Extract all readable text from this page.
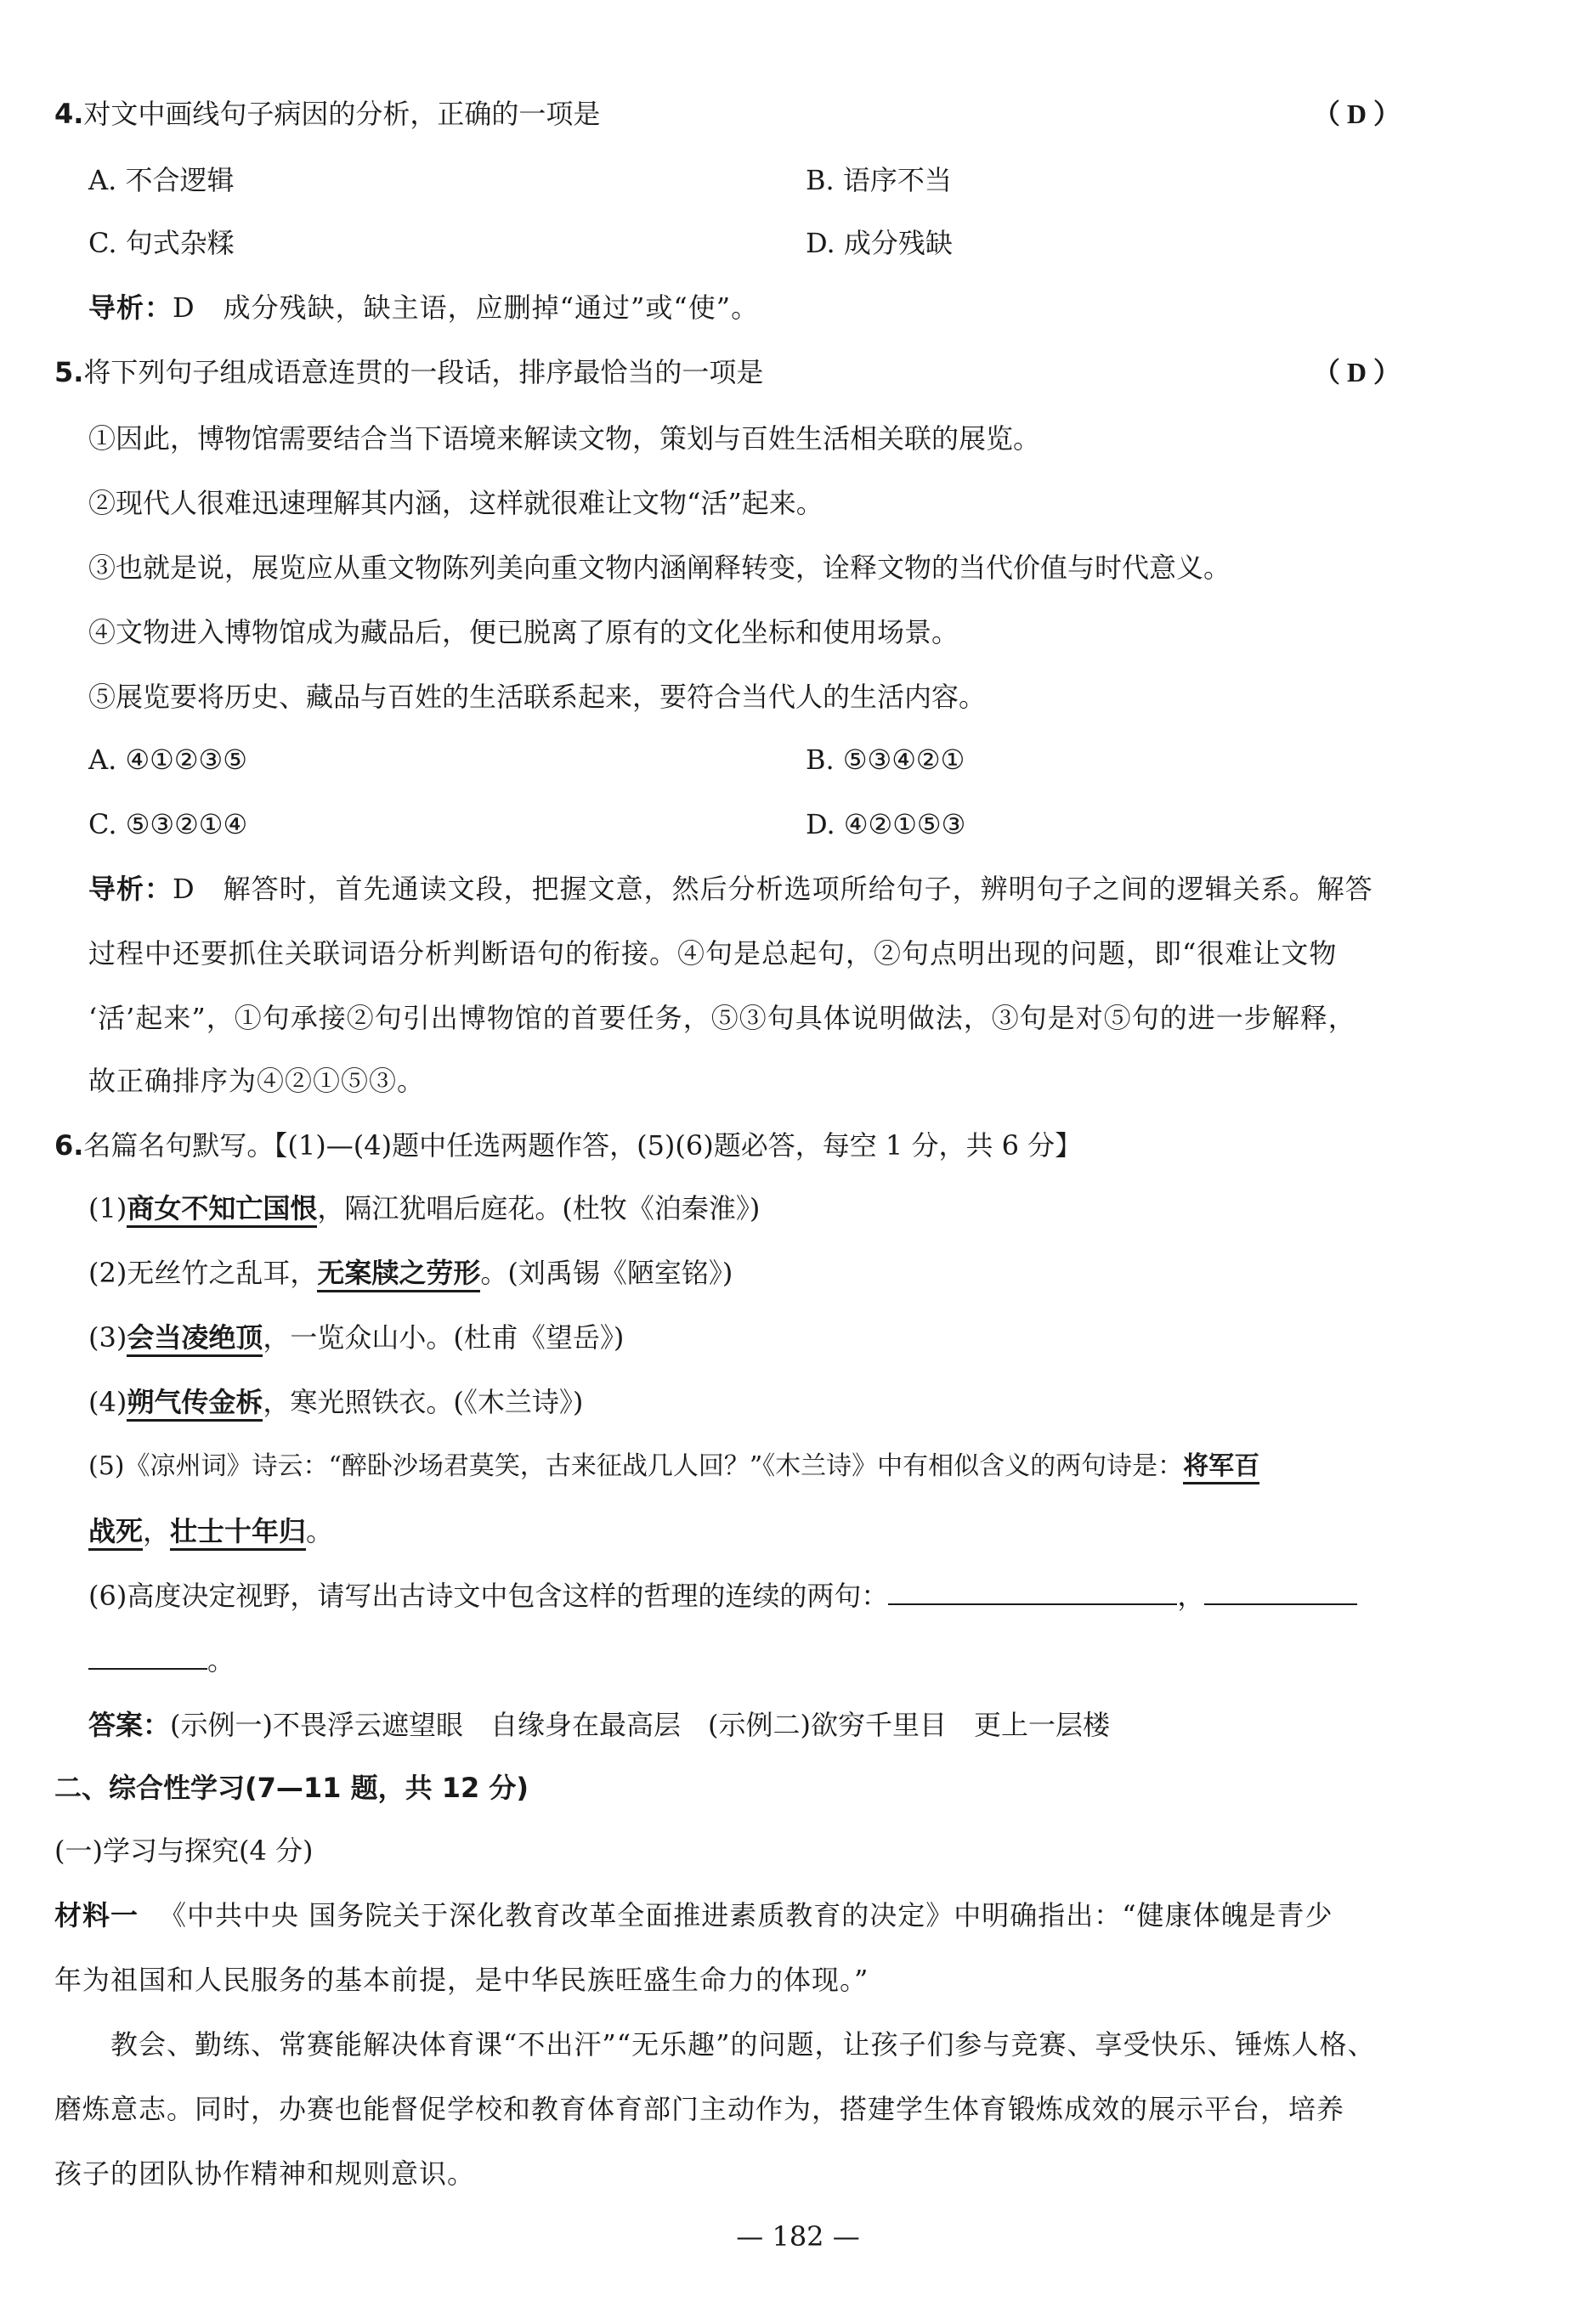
4.对文中画线句子病因的分析，正确的一项是	（ D ）
A. 不合逻辑	B. 语序不当
C. 句式杂糅	D. 成分残缺
导析：D　成分残缺，缺主语，应删掉“通过”或“使”。
5.将下列句子组成语意连贯的一段话，排序最恰当的一项是	（ D ）
①因此，博物馆需要结合当下语境来解读文物，策划与百姓生活相关联的展览。
②现代人很难迅速理解其内涵，这样就很难让文物“活”起来。
③也就是说，展览应从重文物陈列美向重文物内涵阐释转变，诠释文物的当代价值与时代意义。
④文物进入博物馆成为藏品后，便已脱离了原有的文化坐标和使用场景。
⑤展览要将历史、藏品与百姓的生活联系起来，要符合当代人的生活内容。
A. ④①②③⑤	B. ⑤③④②①
C. ⑤③②①④	D. ④②①⑤③
导析：D　解答时，首先通读文段，把握文意，然后分析选项所给句子，辨明句子之间的逻辑关系。解答
过程中还要抓住关联词语分析判断语句的衔接。④句是总起句，②句点明出现的问题，即“很难让文物
‘活’起来”，①句承接②句引出博物馆的首要任务，⑤③句具体说明做法，③句是对⑤句的进一步解释，
故正确排序为④②①⑤③。
6.名篇名句默写。【(1)—(4)题中任选两题作答，(5)(6)题必答，每空 1 分，共 6 分】
(1)商女不知亡国恨，隔江犹唱后庭花。(杜牧《泊秦淮》)
(2)无丝竹之乱耳，无案牍之劳形。(刘禹锡《陋室铭》)
(3)会当凌绝顶，一览众山小。(杜甫《望岳》)
(4)朔气传金柝，寒光照铁衣。(《木兰诗》)
(5)《凉州词》诗云：“醉卧沙场君莫笑，古来征战几人回？”《木兰诗》中有相似含义的两句诗是：将军百
战死，壮士十年归。
(6)高度决定视野，请写出古诗文中包含这样的哲理的连续的两句：	，
。
答案：(示例一)不畏浮云遮望眼　自缘身在最高层　(示例二)欲穷千里目　更上一层楼
二、综合性学习(7—11 题，共 12 分)
(一)学习与探究(4 分)
材料一 《中共中央 国务院关于深化教育改革全面推进素质教育的决定》中明确指出：“健康体魄是青少
年为祖国和人民服务的基本前提，是中华民族旺盛生命力的体现。”
教会、勤练、常赛能解决体育课“不出汗”“无乐趣”的问题，让孩子们参与竞赛、享受快乐、锤炼人格、
磨炼意志。同时，办赛也能督促学校和教育体育部门主动作为，搭建学生体育锻炼成效的展示平台，培养
孩子的团队协作精神和规则意识。
— 182 —
